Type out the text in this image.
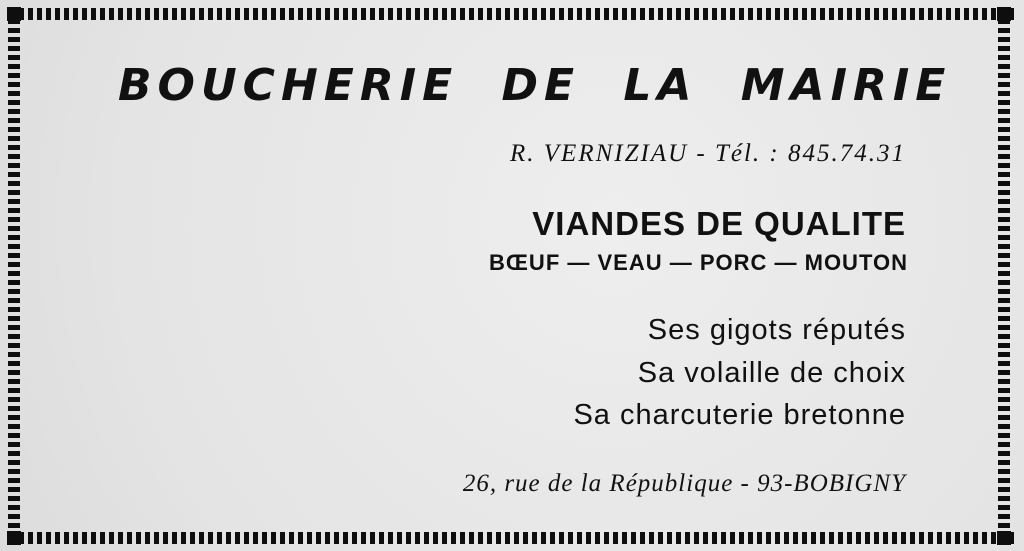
BOUCHERIE DE LA MAIRIE
R. VERNIZIAU - Tél. : 845.74.31
VIANDES DE QUALITE
BŒUF — VEAU — PORC — MOUTON
Ses gigots réputés
Sa volaille de choix
Sa charcuterie bretonne
26, rue de la République - 93-BOBIGNY
